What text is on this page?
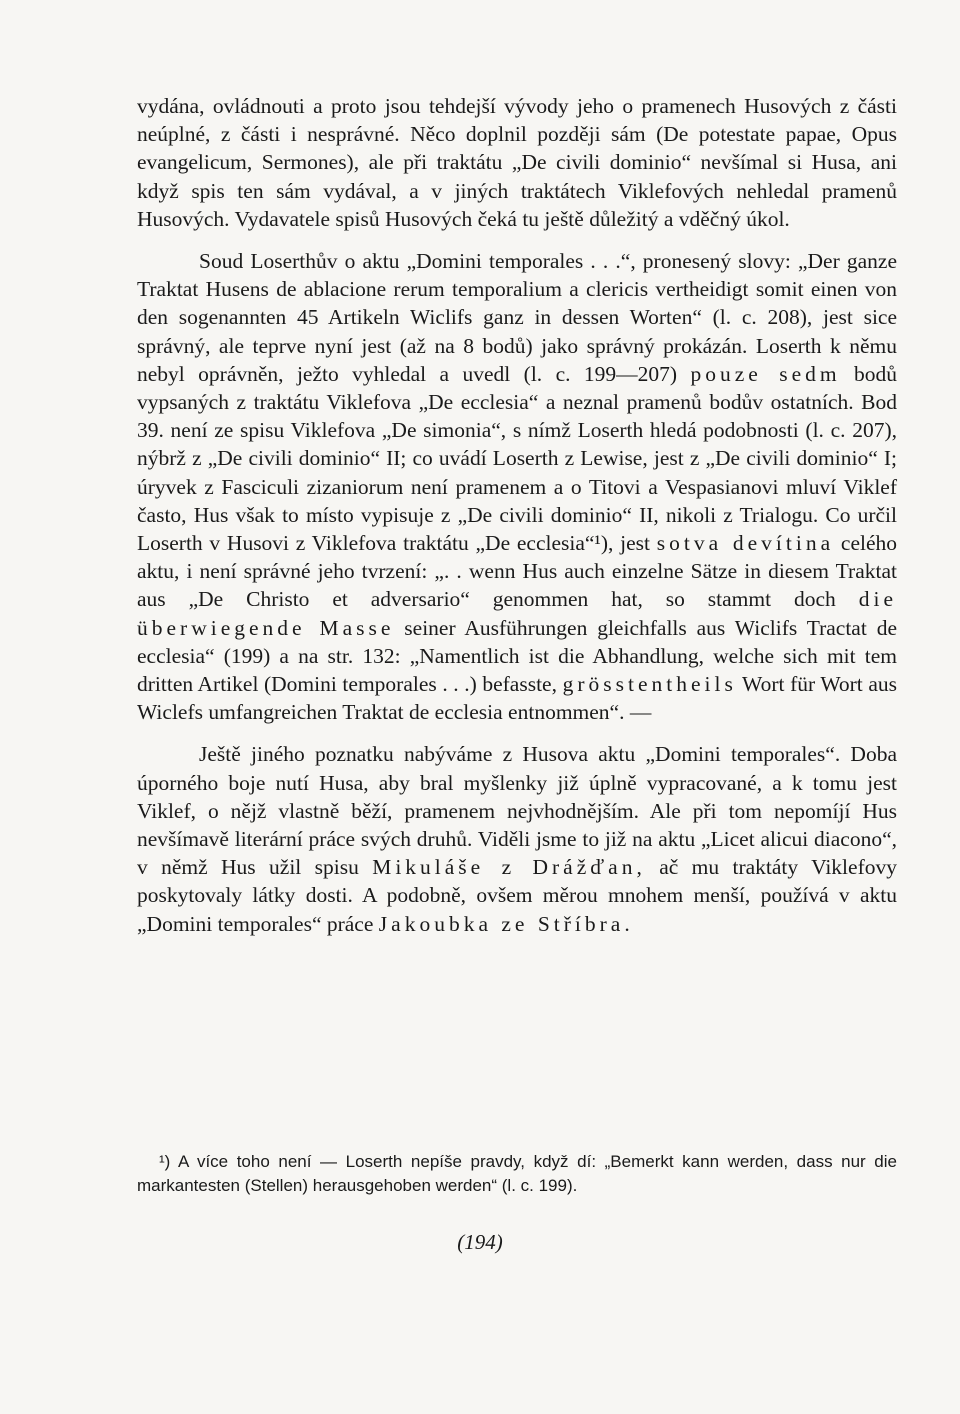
vydána, ovládnouti a proto jsou tehdejší vývody jeho o pramenech Husových z části neúplné, z části i nesprávné. Něco doplnil později sám (De potestate papae, Opus evangelicum, Sermones), ale při traktátu „De civili dominio“ nevšímal si Husa, ani když spis ten sám vydával, a v jiných traktátech Viklefových nehledal pramenů Husových. Vydavatele spisů Husových čeká tu ještě důležitý a vděčný úkol.

Soud Loserthův o aktu „Domini temporales . . .“, pronesený slovy: „Der ganze Traktat Husens de ablacione rerum temporalium a clericis vertheidigt somit einen von den sogenannten 45 Artikeln Wiclifs ganz in dessen Worten“ (l. c. 208), jest sice správný, ale teprve nyní jest (až na 8 bodů) jako správný prokázán. Loserth k němu nebyl oprávněn, ježto vyhledal a uvedl (l. c. 199—207) pouze sedm bodů vypsaných z traktátu Viklefova „De ecclesia“ a neznal pramenů bodův ostatních. Bod 39. není ze spisu Viklefova „De simonia“, s nímž Loserth hledá podobnosti (l. c. 207), nýbrž z „De civili dominio“ II; co uvádí Loserth z Lewise, jest z „De civili dominio“ I; úryvek z Fasciculi zizaniorum není pramenem a o Titovi a Vespasianovi mluví Viklef často, Hus však to místo vypisuje z „De civili dominio“ II, nikoli z Trialogu. Co určil Loserth v Husovi z Viklefova traktátu „De ecclesia“¹), jest sotva devítina celého aktu, i není správné jeho tvrzení: „. . wenn Hus auch einzelne Sätze in diesem Traktat aus „De Christo et adversario“ genommen hat, so stammt doch die überwiegende Masse seiner Ausführungen gleichfalls aus Wiclifs Tractat de ecclesia“ (199) a na str. 132: „Namentlich ist die Abhandlung, welche sich mit tem dritten Artikel (Domini temporales . . .) befasste, grösstentheils Wort für Wort aus Wiclefs umfangreichen Traktat de ecclesia entnommen“. —

Ještě jiného poznatku nabýváme z Husova aktu „Domini temporales“. Doba úporného boje nutí Husa, aby bral myšlenky již úplně vypracované, a k tomu jest Viklef, o nějž vlastně běží, pramenem nejvhodnějším. Ale při tom nepomíjí Hus nevšímavě literární práce svých druhů. Viděli jsme to již na aktu „Licet alicui diacono“, v němž Hus užil spisu Mikuláše z Drážďan, ač mu traktáty Viklefovy poskytovaly látky dosti. A podobně, ovšem měrou mnohem menší, používá v aktu „Domini temporales“ práce Jakoubka ze Stříbra.

¹) A více toho není — Loserth nepíše pravdy, když dí: „Bemerkt kann werden, dass nur die markantesten (Stellen) herausgehoben werden“ (l. c. 199).

(194)
